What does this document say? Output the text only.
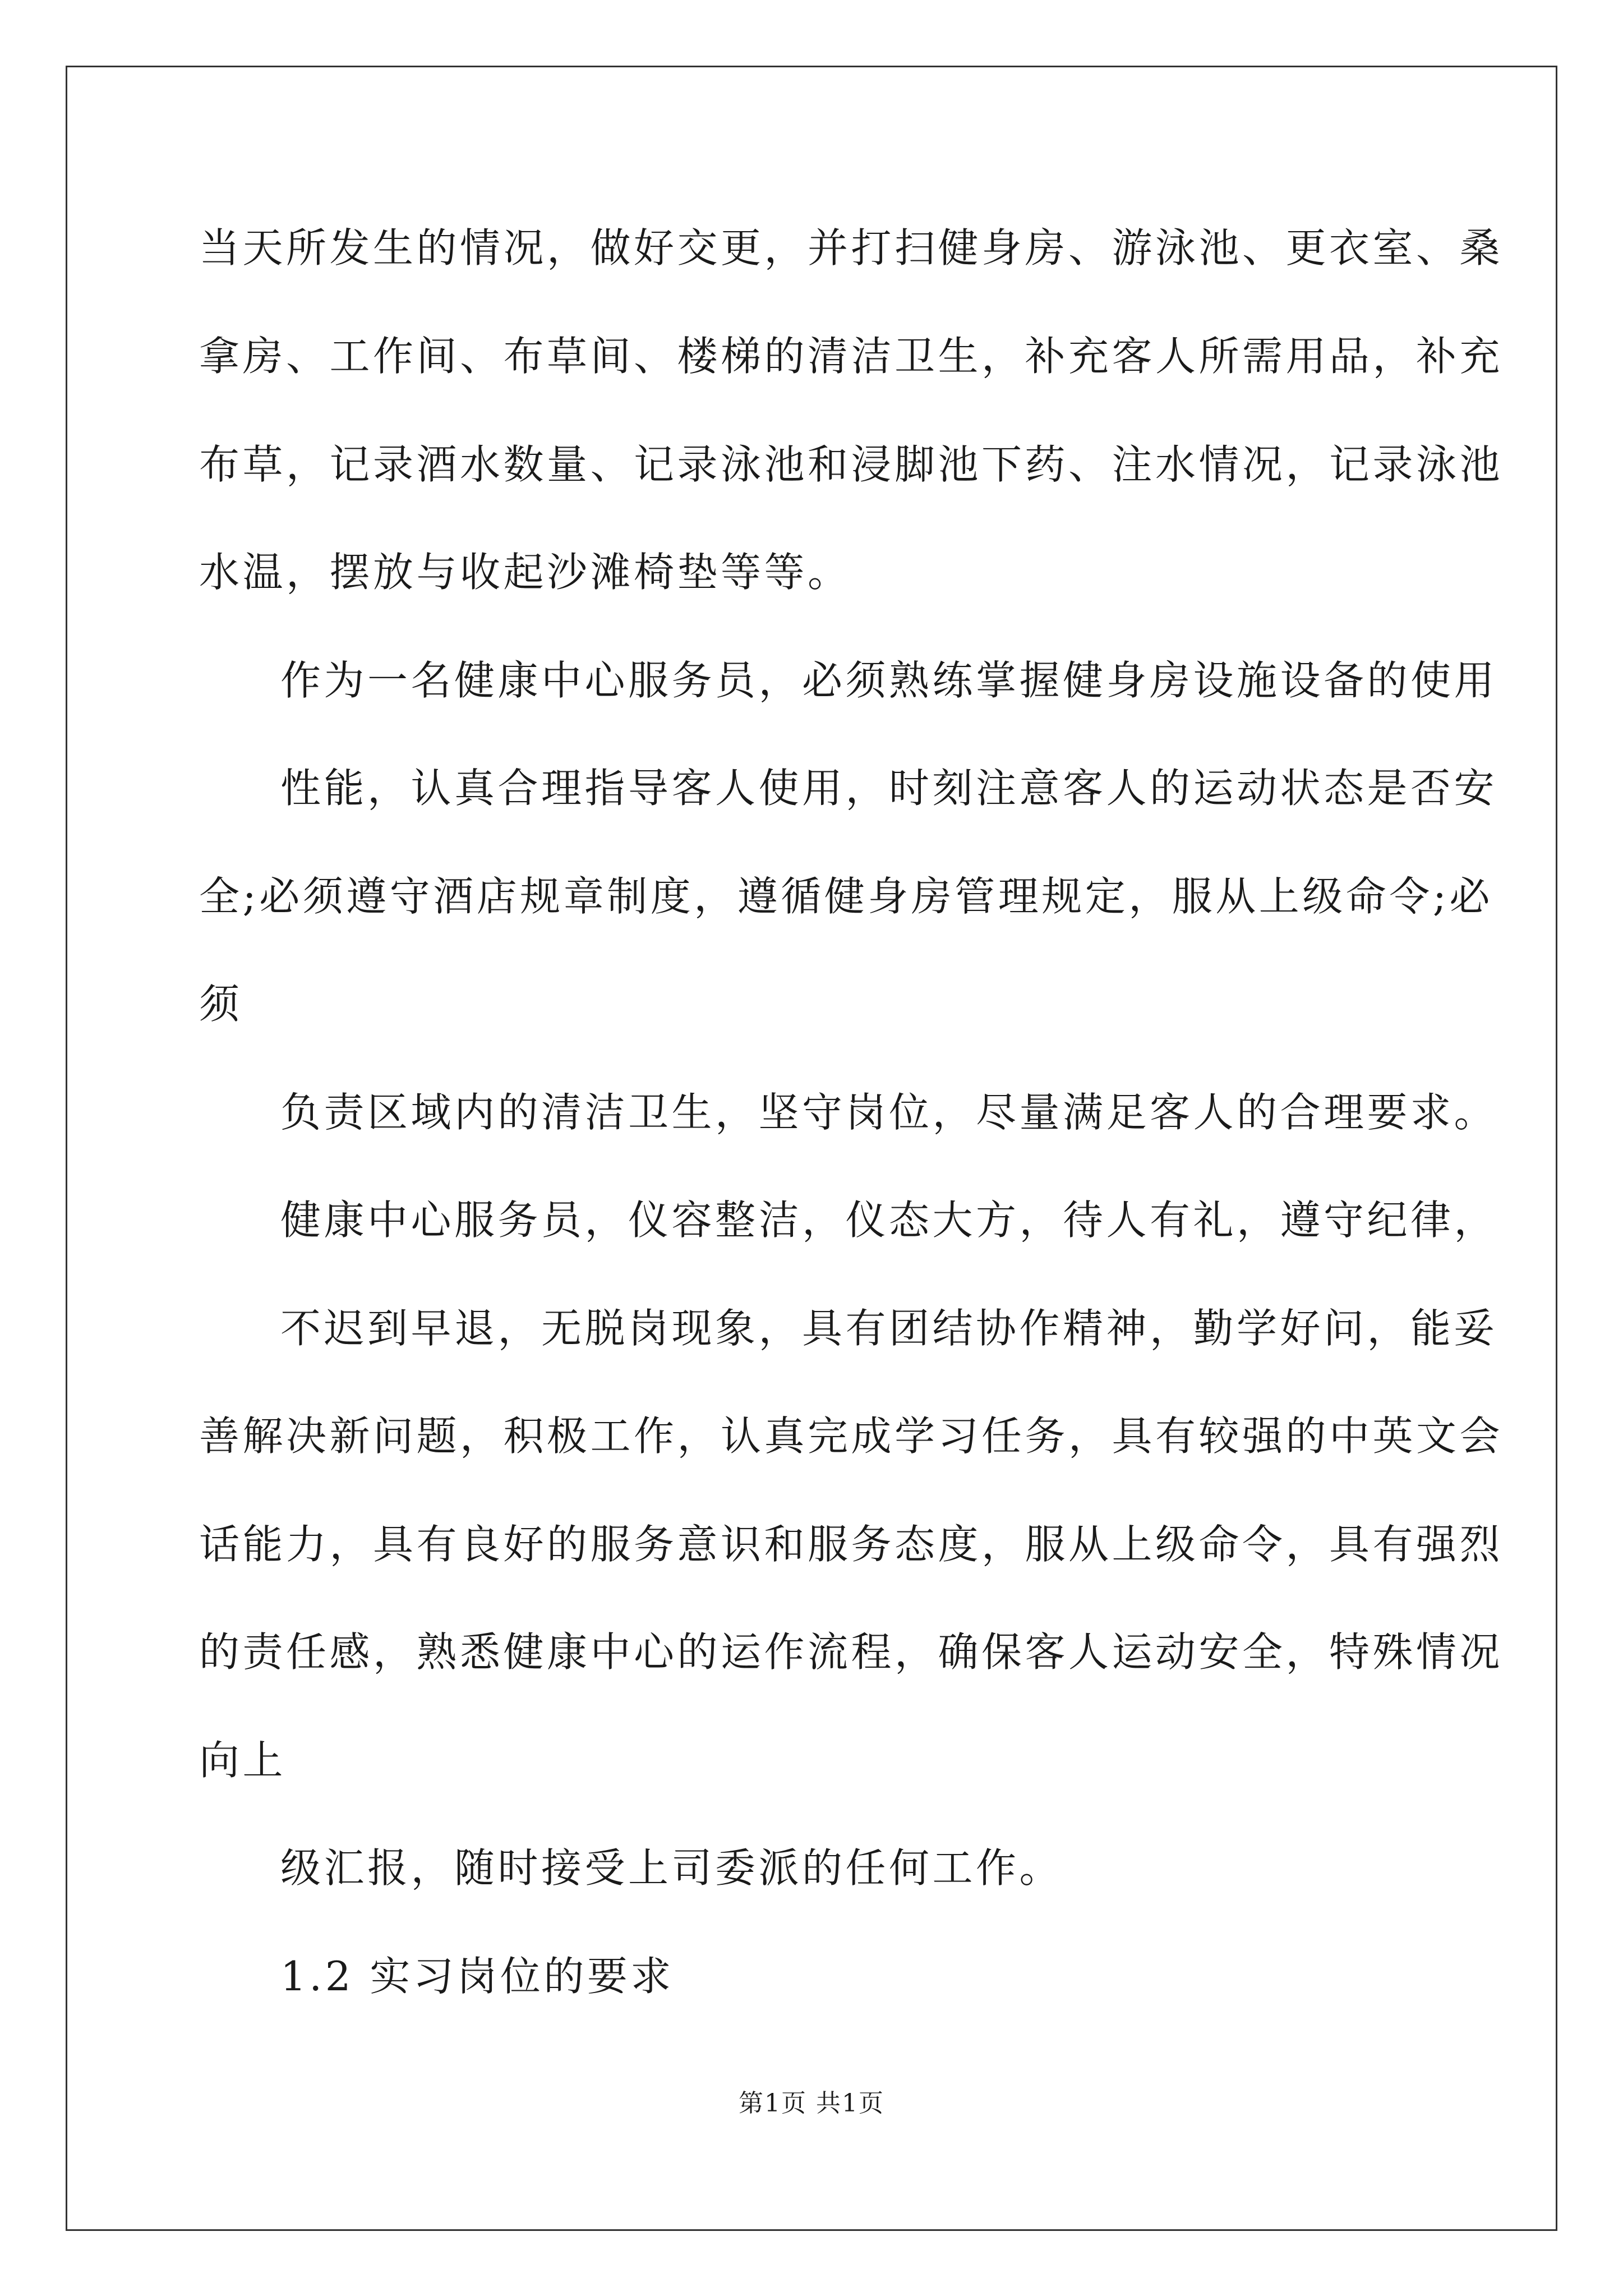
当天所发生的情况，做好交更，并打扫健身房、游泳池、更衣室、桑
拿房、工作间、布草间、楼梯的清洁卫生，补充客人所需用品，补充
布草，记录酒水数量、记录泳池和浸脚池下药、注水情况，记录泳池
水温，摆放与收起沙滩椅垫等等。
作为一名健康中心服务员，必须熟练掌握健身房设施设备的使用
性能，认真合理指导客人使用，时刻注意客人的运动状态是否安
全;必须遵守酒店规章制度，遵循健身房管理规定，服从上级命令;必
须
负责区域内的清洁卫生，坚守岗位，尽量满足客人的合理要求。
健康中心服务员，仪容整洁，仪态大方，待人有礼，遵守纪律，
不迟到早退，无脱岗现象，具有团结协作精神，勤学好问，能妥
善解决新问题，积极工作，认真完成学习任务，具有较强的中英文会
话能力，具有良好的服务意识和服务态度，服从上级命令，具有强烈
的责任感，熟悉健康中心的运作流程，确保客人运动安全，特殊情况
向上
级汇报，随时接受上司委派的任何工作。
1.2 实习岗位的要求
第1页 共1页
